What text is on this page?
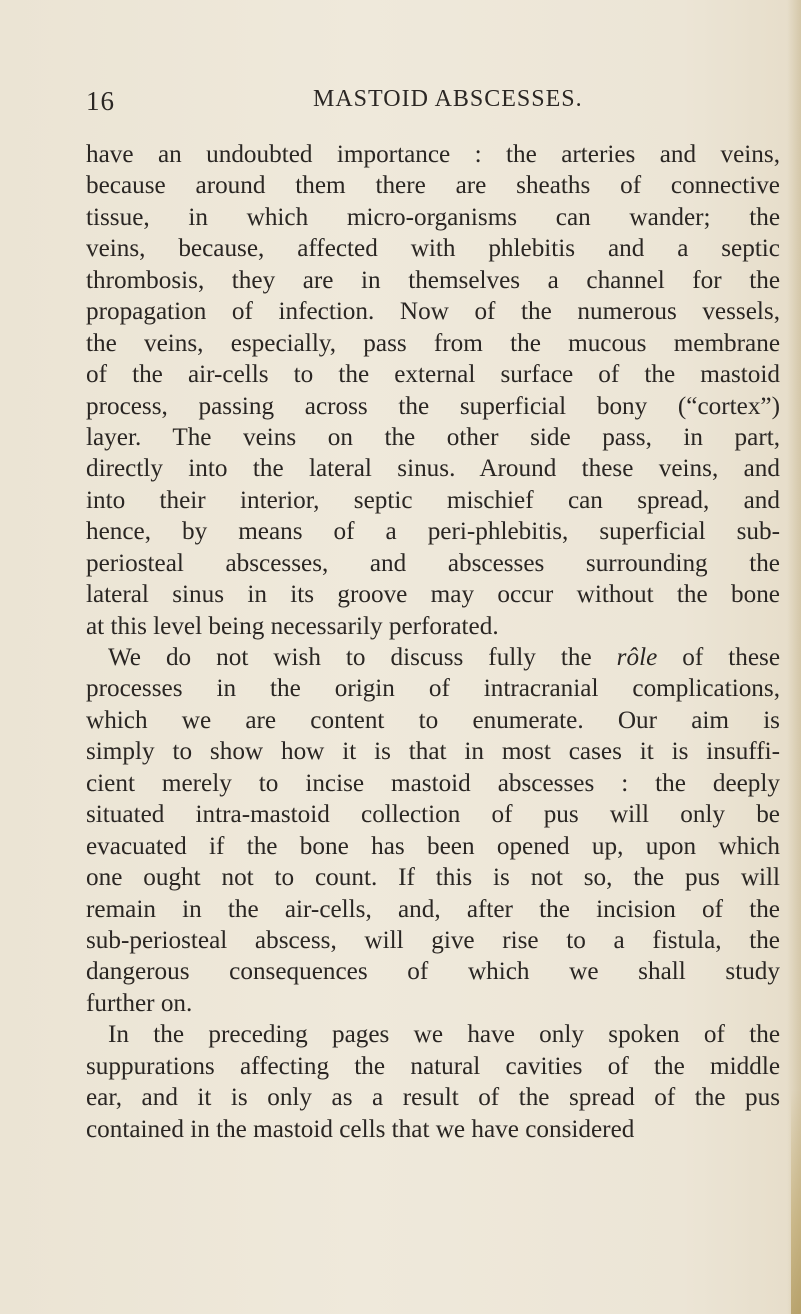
16	MASTOID ABSCESSES.
have an undoubted importance : the arteries and veins,
because around them there are sheaths of connective
tissue, in which micro-organisms can wander; the
veins, because, affected with phlebitis and a septic
thrombosis, they are in themselves a channel for the
propagation of infection. Now of the numerous vessels,
the veins, especially, pass from the mucous membrane
of the air-cells to the external surface of the mastoid
process, passing across the superficial bony (“cortex”)
layer. The veins on the other side pass, in part,
directly into the lateral sinus. Around these veins, and
into their interior, septic mischief can spread, and
hence, by means of a peri-phlebitis, superficial sub-
periosteal abscesses, and abscesses surrounding the
lateral sinus in its groove may occur without the bone
at this level being necessarily perforated.
We do not wish to discuss fully the rôle of these
processes in the origin of intracranial complications,
which we are content to enumerate. Our aim is
simply to show how it is that in most cases it is insuffi-
cient merely to incise mastoid abscesses : the deeply
situated intra-mastoid collection of pus will only be
evacuated if the bone has been opened up, upon which
one ought not to count. If this is not so, the pus will
remain in the air-cells, and, after the incision of the
sub-periosteal abscess, will give rise to a fistula, the
dangerous consequences of which we shall study
further on.
In the preceding pages we have only spoken of the
suppurations affecting the natural cavities of the middle
ear, and it is only as a result of the spread of the pus
contained in the mastoid cells that we have considered
